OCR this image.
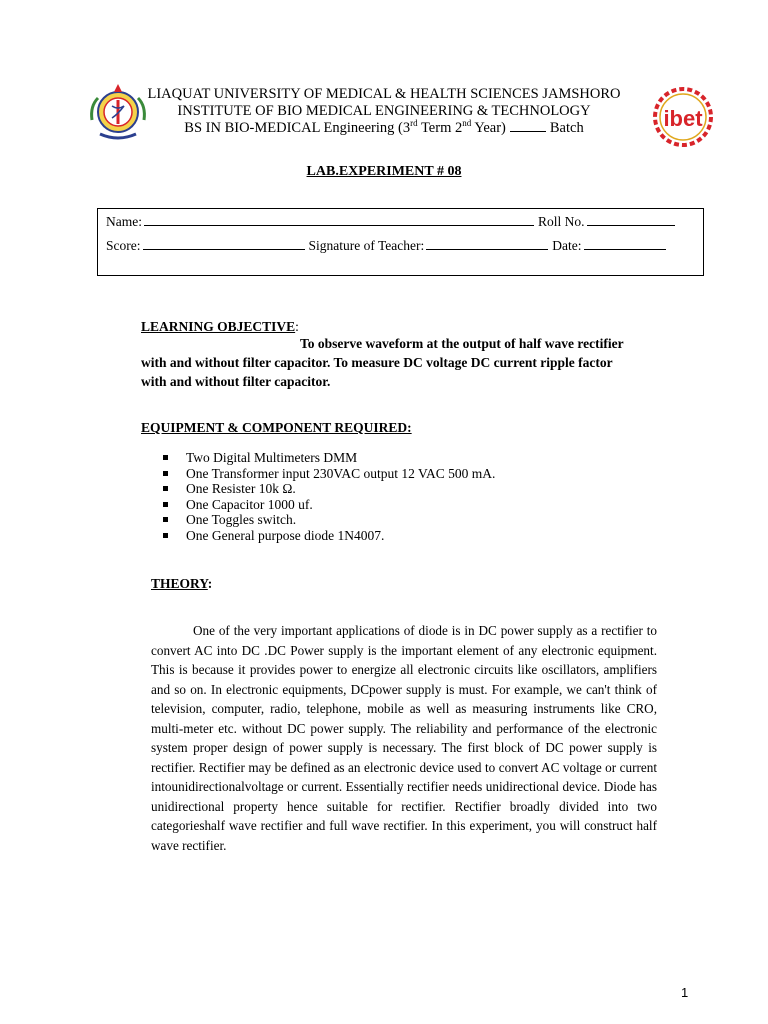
LIAQUAT UNIVERSITY OF MEDICAL & HEALTH SCIENCES JAMSHORO
INSTITUTE OF BIO MEDICAL ENGINEERING & TECHNOLOGY
BS IN BIO-MEDICAL Engineering (3rd Term 2nd Year)	Batch	ibet
LAB.EXPERIMENT # 08
Name:	Roll No.
Score:	Signature of Teacher:	Date:
LEARNING OBJECTIVE:
To observe waveform at the output of half wave rectifier
with and without filter capacitor. To measure DC voltage DC current ripple factor
with and without filter capacitor.
EQUIPMENT & COMPONENT REQUIRED:
Two Digital Multimeters DMM
One Transformer input 230VAC output 12 VAC 500 mA.
One Resister 10k Ω.
One Capacitor 1000 uf.
One Toggles switch.
One General purpose diode 1N4007.
THEORY:

One of the very important applications of diode is in DC power supply as a rectifier to convert AC into DC .DC Power supply is the important element of any electronic equipment. This is because it provides power to energize all electronic circuits like oscillators, amplifiers and so on. In electronic equipments, DCpower supply is must. For example, we can't think of television, computer, radio, telephone, mobile as well as measuring instruments like CRO, multi-meter etc. without DC power supply. The reliability and performance of the electronic system proper design of power supply is necessary. The first block of DC power supply is rectifier. Rectifier may be defined as an electronic device used to convert AC voltage or current intounidirectionalvoltage or current. Essentially rectifier needs unidirectional device. Diode has unidirectional property hence suitable for rectifier. Rectifier broadly divided into two categorieshalf wave rectifier and full wave rectifier. In this experiment, you will construct half wave rectifier.

1
